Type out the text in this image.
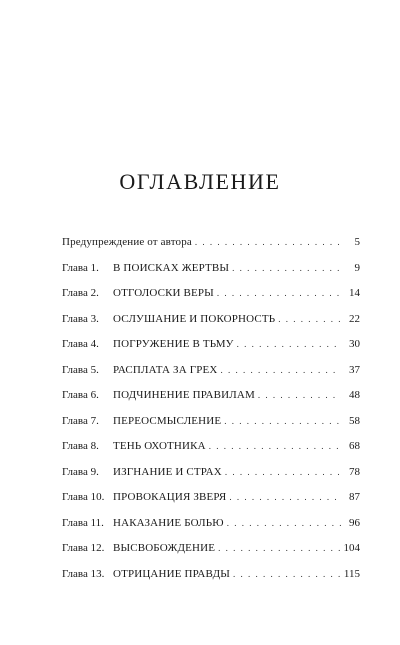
ОГЛАВЛЕНИЕ
Предупреждение от автора . . .	5
Глава 1.	В ПОИСКАХ ЖЕРТВЫ . . .	9
Глава 2.	ОТГОЛОСКИ ВЕРЫ . . .	14
Глава 3.	ОСЛУШАНИЕ И ПОКОРНОСТЬ . . .	22
Глава 4.	ПОГРУЖЕНИЕ В ТЬМУ . . .	30
Глава 5.	РАСПЛАТА ЗА ГРЕХ . . .	37
Глава 6.	ПОДЧИНЕНИЕ ПРАВИЛАМ . . .	48
Глава 7.	ПЕРЕОСМЫСЛЕНИЕ . . .	58
Глава 8.	ТЕНЬ ОХОТНИКА . . .	68
Глава 9.	ИЗГНАНИЕ И СТРАХ . . .	78
Глава 10. ПРОВОКАЦИЯ ЗВЕРЯ . . .	87
Глава 11. НАКАЗАНИЕ БОЛЬЮ . . .	96
Глава 12. ВЫСВОБОЖДЕНИЕ . . .	104
Глава 13. ОТРИЦАНИЕ ПРАВДЫ . . .	115
